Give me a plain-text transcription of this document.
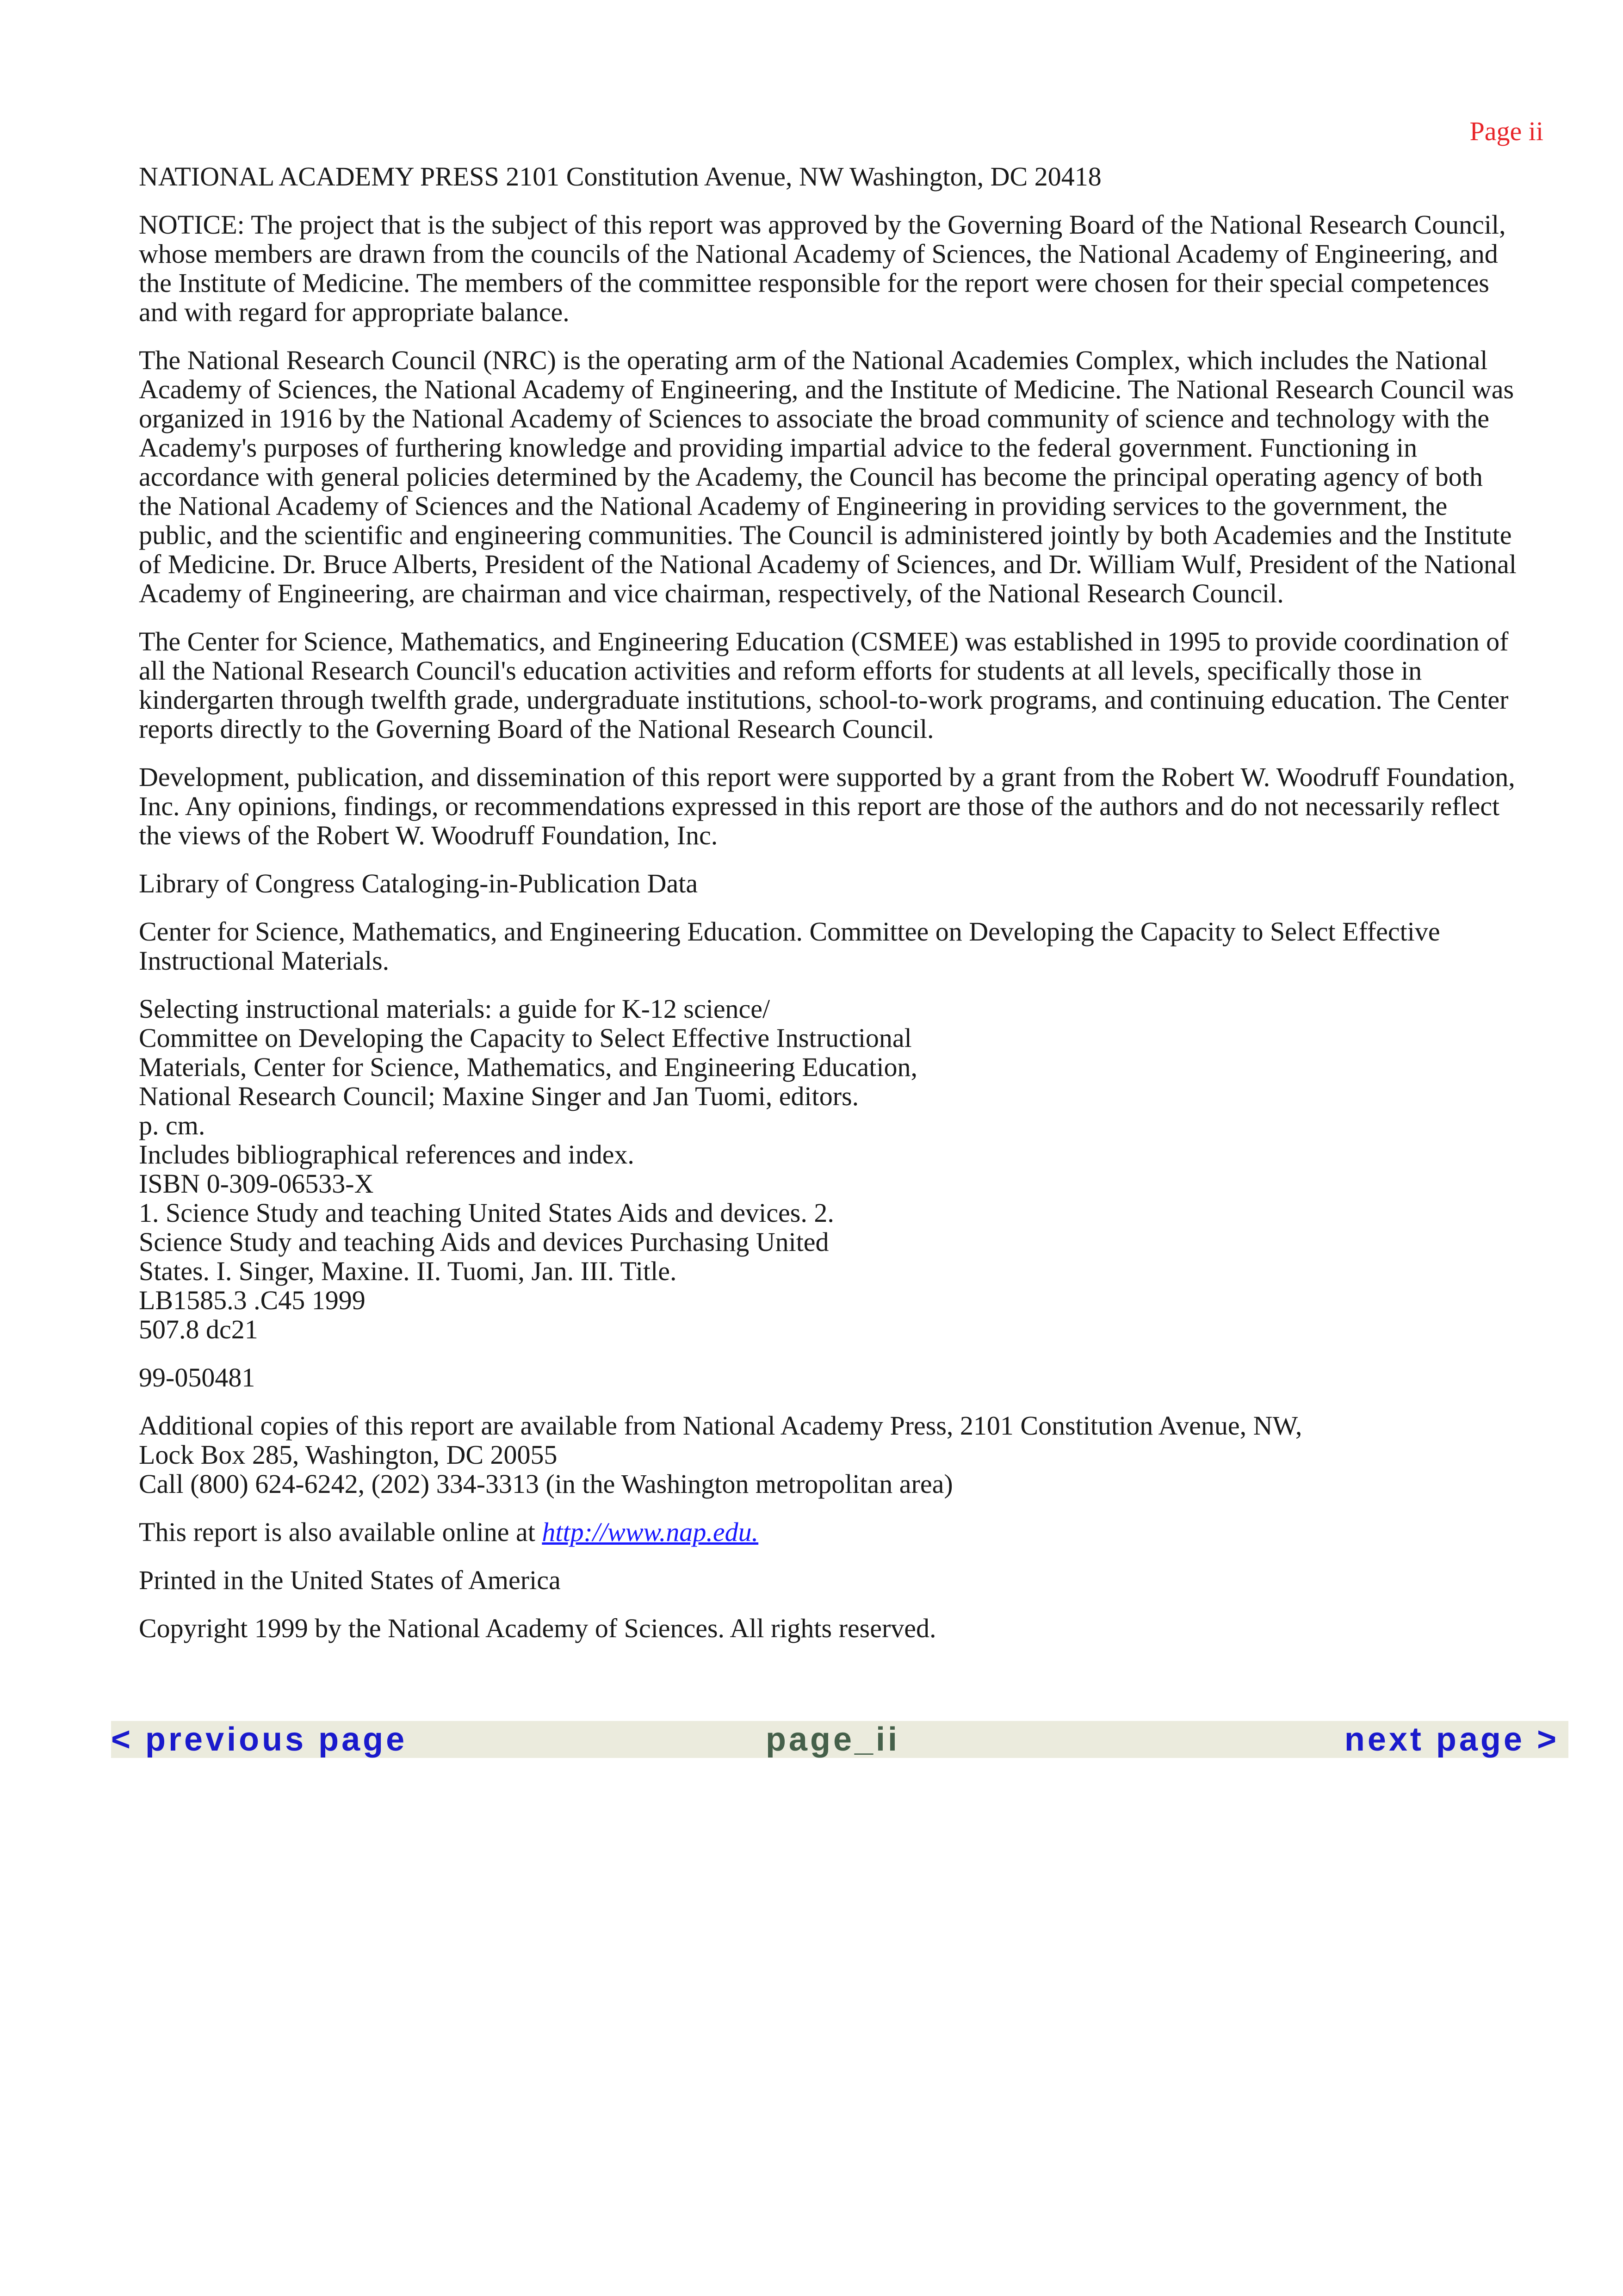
Page ii

NATIONAL ACADEMY PRESS 2101 Constitution Avenue, NW Washington, DC 20418

NOTICE: The project that is the subject of this report was approved by the Governing Board of the National Research Council, whose members are drawn from the councils of the National Academy of Sciences, the National Academy of Engineering, and the Institute of Medicine. The members of the committee responsible for the report were chosen for their special competences and with regard for appropriate balance.

The National Research Council (NRC) is the operating arm of the National Academies Complex, which includes the National Academy of Sciences, the National Academy of Engineering, and the Institute of Medicine. The National Research Council was organized in 1916 by the National Academy of Sciences to associate the broad community of science and technology with the Academy's purposes of furthering knowledge and providing impartial advice to the federal government. Functioning in accordance with general policies determined by the Academy, the Council has become the principal operating agency of both the National Academy of Sciences and the National Academy of Engineering in providing services to the government, the public, and the scientific and engineering communities. The Council is administered jointly by both Academies and the Institute of Medicine. Dr. Bruce Alberts, President of the National Academy of Sciences, and Dr. William Wulf, President of the National Academy of Engineering, are chairman and vice chairman, respectively, of the National Research Council.

The Center for Science, Mathematics, and Engineering Education (CSMEE) was established in 1995 to provide coordination of all the National Research Council's education activities and reform efforts for students at all levels, specifically those in kindergarten through twelfth grade, undergraduate institutions, school-to-work programs, and continuing education. The Center reports directly to the Governing Board of the National Research Council.

Development, publication, and dissemination of this report were supported by a grant from the Robert W. Woodruff Foundation, Inc. Any opinions, findings, or recommendations expressed in this report are those of the authors and do not necessarily reflect the views of the Robert W. Woodruff Foundation, Inc.

Library of Congress Cataloging-in-Publication Data

Center for Science, Mathematics, and Engineering Education. Committee on Developing the Capacity to Select Effective Instructional Materials.

Selecting instructional materials: a guide for K-12 science/
Committee on Developing the Capacity to Select Effective Instructional
Materials, Center for Science, Mathematics, and Engineering Education,
National Research Council; Maxine Singer and Jan Tuomi, editors.
p. cm.
Includes bibliographical references and index.
ISBN 0-309-06533-X
1. Science Study and teaching United States Aids and devices. 2.
Science Study and teaching Aids and devices Purchasing United
States. I. Singer, Maxine. II. Tuomi, Jan. III. Title.
LB1585.3 .C45 1999
507.8 dc21

99-050481

Additional copies of this report are available from National Academy Press, 2101 Constitution Avenue, NW,
Lock Box 285, Washington, DC 20055
Call (800) 624-6242, (202) 334-3313 (in the Washington metropolitan area)

This report is also available online at http://www.nap.edu.

Printed in the United States of America

Copyright 1999 by the National Academy of Sciences. All rights reserved.

< previous page	page_ii	next page >
